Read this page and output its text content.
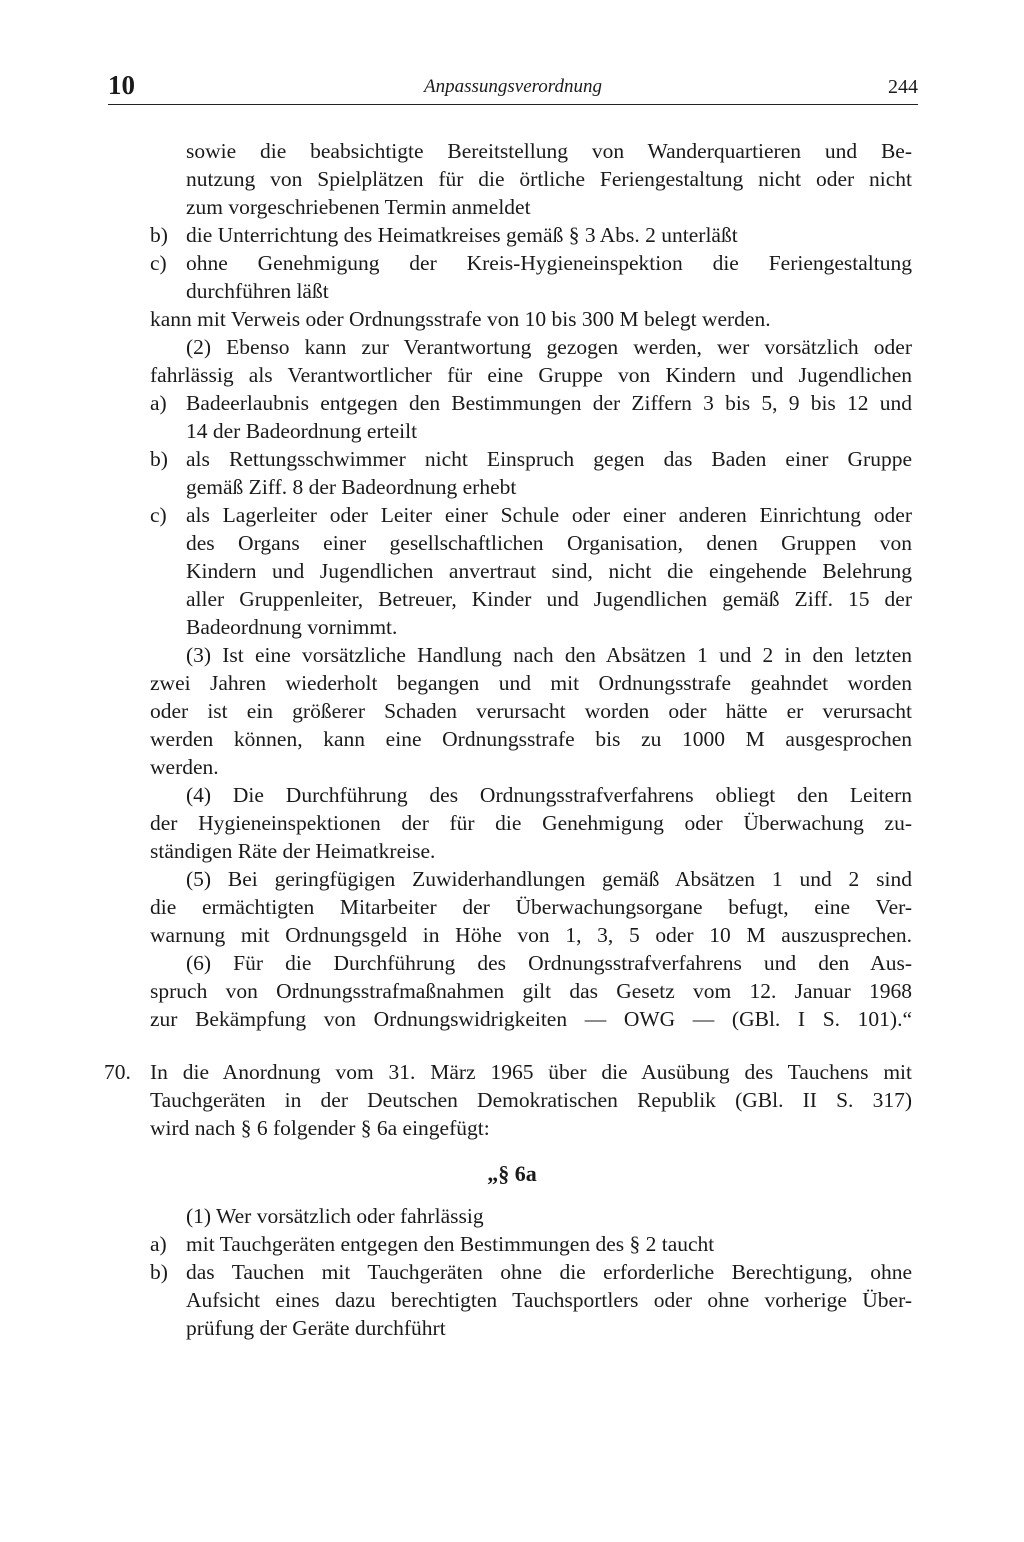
10	Anpassungsverordnung	244
sowie die beabsichtigte Bereitstellung von Wanderquartieren und Be-
nutzung von Spielplätzen für die örtliche Feriengestaltung nicht oder nicht
zum vorgeschriebenen Termin anmeldet
b) die Unterrichtung des Heimatkreises gemäß § 3 Abs. 2 unterläßt
c) ohne Genehmigung der Kreis-Hygieneinspektion die Feriengestaltung
durchführen läßt
kann mit Verweis oder Ordnungsstrafe von 10 bis 300 M belegt werden.
(2) Ebenso kann zur Verantwortung gezogen werden, wer vorsätzlich oder
fahrlässig als Verantwortlicher für eine Gruppe von Kindern und Jugendlichen
a) Badeerlaubnis entgegen den Bestimmungen der Ziffern 3 bis 5, 9 bis 12 und
14 der Badeordnung erteilt
b) als Rettungsschwimmer nicht Einspruch gegen das Baden einer Gruppe
gemäß Ziff. 8 der Badeordnung erhebt
c) als Lagerleiter oder Leiter einer Schule oder einer anderen Einrichtung oder
des Organs einer gesellschaftlichen Organisation, denen Gruppen von
Kindern und Jugendlichen anvertraut sind, nicht die eingehende Belehrung
aller Gruppenleiter, Betreuer, Kinder und Jugendlichen gemäß Ziff. 15 der
Badeordnung vornimmt.
(3) Ist eine vorsätzliche Handlung nach den Absätzen 1 und 2 in den letzten
zwei Jahren wiederholt begangen und mit Ordnungsstrafe geahndet worden
oder ist ein größerer Schaden verursacht worden oder hätte er verursacht
werden können, kann eine Ordnungsstrafe bis zu 1000 M ausgesprochen
werden.
(4) Die Durchführung des Ordnungsstrafverfahrens obliegt den Leitern
der Hygieneinspektionen der für die Genehmigung oder Überwachung zu-
ständigen Räte der Heimatkreise.
(5) Bei geringfügigen Zuwiderhandlungen gemäß Absätzen 1 und 2 sind
die ermächtigten Mitarbeiter der Überwachungsorgane befugt, eine Ver-
warnung mit Ordnungsgeld in Höhe von 1, 3, 5 oder 10 M auszusprechen.
(6) Für die Durchführung des Ordnungsstrafverfahrens und den Aus-
spruch von Ordnungsstrafmaßnahmen gilt das Gesetz vom 12. Januar 1968
zur Bekämpfung von Ordnungswidrigkeiten — OWG — (GBl. I S. 101).“
70. In die Anordnung vom 31. März 1965 über die Ausübung des Tauchens mit
Tauchgeräten in der Deutschen Demokratischen Republik (GBl. II S. 317)
wird nach § 6 folgender § 6a eingefügt:
„§ 6a
(1) Wer vorsätzlich oder fahrlässig
a) mit Tauchgeräten entgegen den Bestimmungen des § 2 taucht
b) das Tauchen mit Tauchgeräten ohne die erforderliche Berechtigung, ohne
Aufsicht eines dazu berechtigten Tauchsportlers oder ohne vorherige Über-
prüfung der Geräte durchführt
